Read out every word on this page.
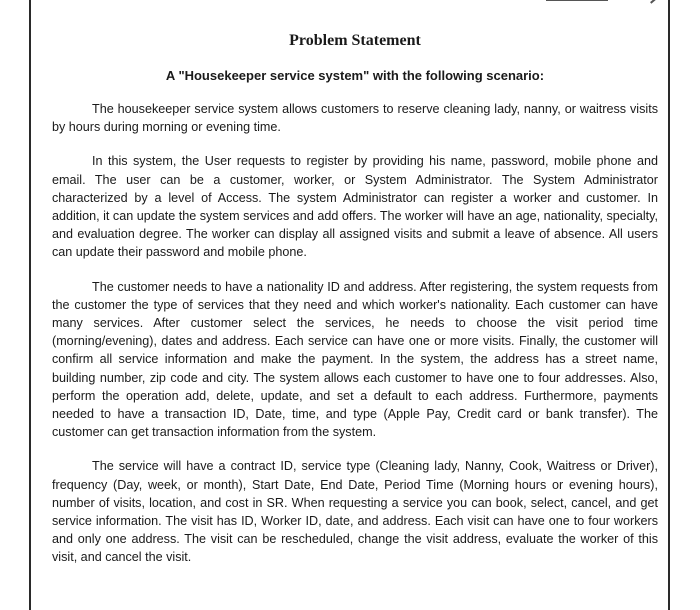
Problem Statement

A "Housekeeper service system" with the following scenario:

The housekeeper service system allows customers to reserve cleaning lady, nanny, or waitress visits by hours during morning or evening time.

In this system, the User requests to register by providing his name, password, mobile phone and email. The user can be a customer, worker, or System Administrator. The System Administrator characterized by a level of Access. The system Administrator can register a worker and customer. In addition, it can update the system services and add offers. The worker will have an age, nationality, specialty, and evaluation degree. The worker can display all assigned visits and submit a leave of absence. All users can update their password and mobile phone.

The customer needs to have a nationality ID and address. After registering, the system requests from the customer the type of services that they need and which worker's nationality. Each customer can have many services. After customer select the services, he needs to choose the visit period time (morning/evening), dates and address. Each service can have one or more visits. Finally, the customer will confirm all service information and make the payment. In the system, the address has a street name, building number, zip code and city. The system allows each customer to have one to four addresses. Also, perform the operation add, delete, update, and set a default to each address. Furthermore, payments needed to have a transaction ID, Date, time, and type (Apple Pay, Credit card or bank transfer). The customer can get transaction information from the system.

The service will have a contract ID, service type (Cleaning lady, Nanny, Cook, Waitress or Driver), frequency (Day, week, or month), Start Date, End Date, Period Time (Morning hours or evening hours), number of visits, location, and cost in SR. When requesting a service you can book, select, cancel, and get service information. The visit has ID, Worker ID, date, and address. Each visit can have one to four workers and only one address. The visit can be rescheduled, change the visit address, evaluate the worker of this visit, and cancel the visit.
